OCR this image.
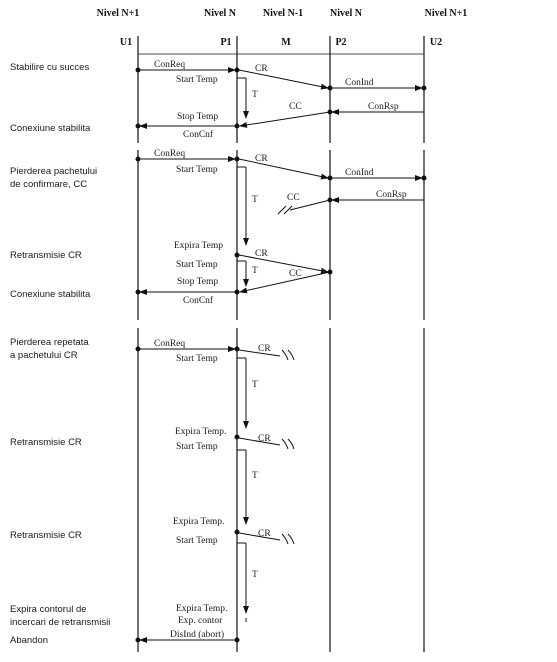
Nivel N+1	Nivel N	Nivel N-1	Nivel N	Nivel N+1
U1	P1	M	P2	U2
Stabilire cu succes
Conexiune stabilita
Pierderea pachetului
de confirmare, CC
Retransmisie CR
Conexiune stabilita
Pierderea repetata
a pachetului CR
Retransmisie CR
Retransmisie CR
Expira contorul de
incercari de retransmisii
Abandon
ConReq	CR
ConInd
ConRsp
CC
ConCnf
Start Temp
T
Stop Temp
ConReq	CR
ConInd
ConRsp
CC
Start Temp
T
Expira Temp
CR
Start Temp
T	CC
Stop Temp
ConCnf
ConReq	CR
Start Temp
T
Expira Temp.
CR
Start Temp
T
Expira Temp.
CR
Start Temp
T
Expira Temp.
Exp. contor
DisInd (abort)
